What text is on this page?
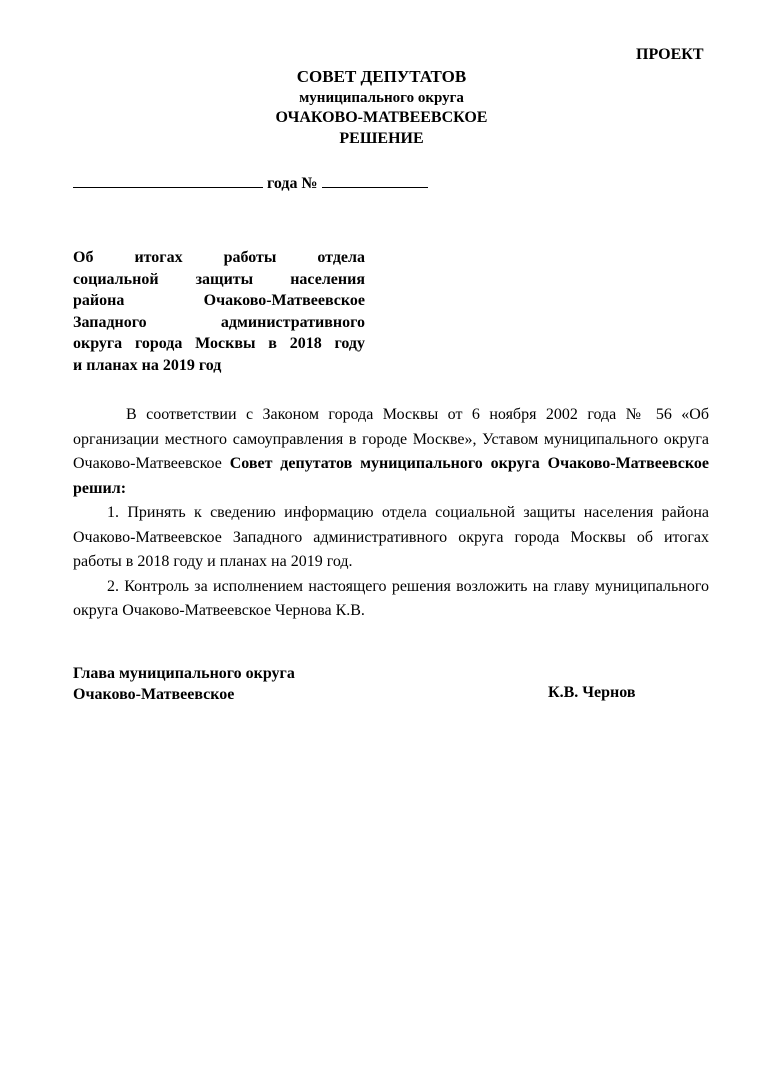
ПРОЕКТ
СОВЕТ ДЕПУТАТОВ
муниципального округа
ОЧАКОВО-МАТВЕЕВСКОЕ
РЕШЕНИЕ
года №
Об итогах работы отдела
социальной защиты населения
района Очаково-Матвеевское
Западного административного
округа города Москвы в 2018 году
и планах на 2019 год

В соответствии с Законом города Москвы от 6 ноября 2002 года № 56 «Об организации местного самоуправления в городе Москве», Уставом муниципального округа Очаково-Матвеевское Совет депутатов муниципального округа Очаково-Матвеевское решил:

1. Принять к сведению информацию отдела социальной защиты населения района Очаково-Матвеевское Западного административного округа города Москвы об итогах работы в 2018 году и планах на 2019 год.

2. Контроль за исполнением настоящего решения возложить на главу муниципального округа Очаково-Матвеевское Чернова К.В.

Глава муниципального округа
Очаково-Матвеевское	К.В. Чернов
